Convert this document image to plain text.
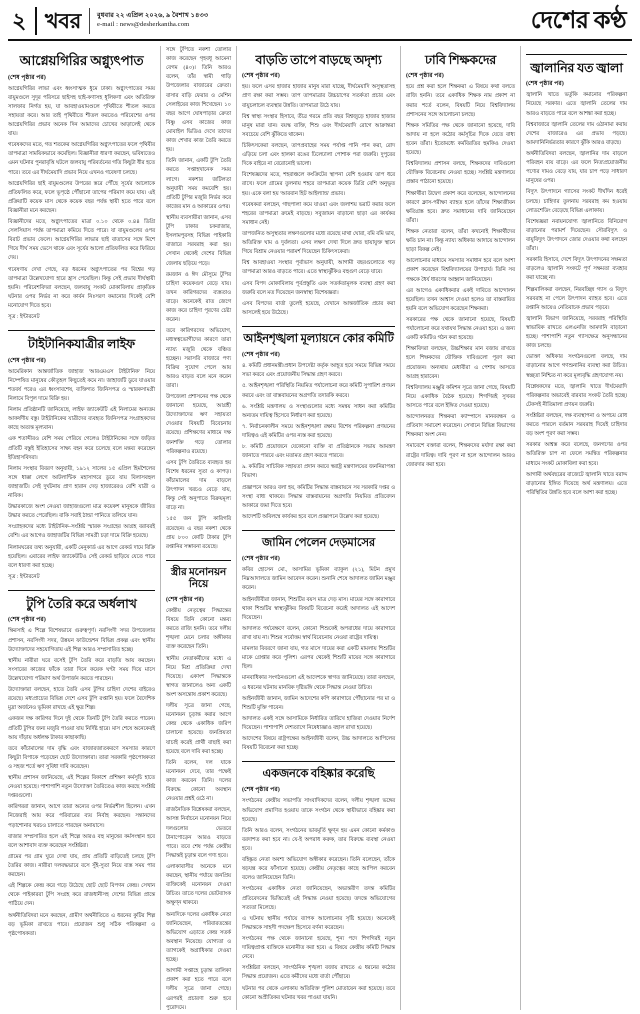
২ খবর	বুধবার ২২ এপ্রিল ২০২৬, ৯ বৈশাখ ১৪৩৩
e-mail : news@desherkantha.com	দেশের কণ্ঠ
আগ্নেয়গিরির অগ্ন্যুৎপাত
(শেষ পৃষ্ঠার পর)

আগ্নেয়গিরির লাভা এবং ধ্বংসাত্মক ধুমে ঢাকা। অগ্ন্যুৎপাতের সময় বায়ুমণ্ডলে সুদূর পরিসরে ছাইসহ ছাই-কণাসহ ধূলিকণা এবং অতিরিক্ত সালফার নির্গত হয়, যা আবহাওয়ামণ্ডলে পৃথিবীতে শীতল করতে সহায়তা করে। আর তাই পৃথিবীতে শীতল করতেও পরিবেশের ওপর আগ্নেয়গিরির প্রভাব অনেক দিন আমাদের চোখের আড়ালেই থেকে যায়।

গবেষকদের মতে, গত শতকের আগ্নেয়গিরির অগ্ন্যুৎপাতের ফলে পৃথিবীর তাপমাত্রা সাময়িকভাবে কমেছিল। বিজ্ঞানীরা ধারণা করছেন, ভবিষ্যতেও এমন ঘটনার পুনরাবৃত্তি ঘটলে জলবায়ু পরিবর্তনের গতি কিছুটা ধীর হতে পারে। তবে এর দীর্ঘমেয়াদি প্রভাব নিয়ে এখনও গবেষণা চলছে।

আগ্নেয়গিরির ছাই বায়ুমণ্ডলের উপরের স্তরে পৌঁছে সূর্যের আলোকে প্রতিফলিত করে, ফলে ভূপৃষ্ঠে পৌঁছানো তাপের পরিমাণ কমে যায়। এই প্রক্রিয়াটি কয়েক মাস থেকে কয়েক বছর পর্যন্ত স্থায়ী হতে পারে বলে বিজ্ঞানীরা মনে করছেন।

বিজ্ঞানীদের মতে, অগ্ন্যুৎপাতের মাত্রা ০.১০ থেকে ০.৪৪ ডিগ্রি সেলসিয়াস পর্যন্ত তাপমাত্রা কমিয়ে দিতে পারে। যা বায়ুমণ্ডলের ওপর বিরাট প্রভাব ফেলে। আগ্নেয়গিরির লাভার ছাই বাতাসের সঙ্গে মিশে গিয়ে দীর্ঘ সময় ভেসে থাকে এবং সূর্যের আলো প্রতিফলিত করে ফিরিয়ে দেয়।

গবেষণায় দেখা গেছে, বড় ধরনের অগ্ন্যুৎপাতের পর বিশ্বের গড় তাপমাত্রা উল্লেখযোগ্য হারে হ্রাস পেয়েছিল। কিন্তু সেই প্রভাব দীর্ঘস্থায়ী হয়নি। পরিবেশবিদরা বলছেন, জলবায়ু সংকট মোকাবিলায় প্রাকৃতিক ঘটনার ওপর নির্ভর না করে কার্বন নিঃসরণ কমানোর দিকেই বেশি মনোযোগ দিতে হবে।

সূত্র : ইন্টারনেট

টাইটানিকযাত্রীর লাইফ
(শেষ পৃষ্ঠার পর)

আমেরিকান আন্তর্জাতিক জাহাজ 'আরএমএস টাইটানিক' নিয়ে নিষ্পেষিত মানুষের কৌতূহল কিছুতেই কমে না। জাহাজটি ডুবে যাওয়ার শতবর্ষ পরেও এর ধ্বংসাবশেষ, ব্যক্তিগত জিনিসপত্র ও স্মারকসামগ্রী নিলামে বিপুল দামে বিক্রি হয়।

নিলাম প্রতিষ্ঠানটি জানিয়েছে, লাইফ জ্যাকেটটি এই নিলামের অন্যতম আকর্ষণীয় বস্তু। টাইটানিকের যাত্রীদের ব্যবহৃত জিনিসপত্র সংগ্রাহকদের কাছে অত্যন্ত মূল্যবান।

এক শতাব্দীরও বেশি সময় পেরিয়ে গেলেও টাইটানিকের সঙ্গে জড়িত প্রতিটি বস্তুই ইতিহাসের সাক্ষ্য বহন করে চলেছে বলে মন্তব্য করেছেন ইতিহাসবিদরা।

নিলাম সংস্থার বিবরণ অনুযায়ী, ১৯১২ সালের ১৫ এপ্রিল হিমশৈলের সঙ্গে ধাক্কা লেগে আটলান্টিক মহাসাগরে ডুবে যায় বিলাসবহুল জাহাজটি। সেই দুর্ঘটনায় প্রাণ হারান দেড় হাজারেরও বেশি যাত্রী ও নাবিক।

উদ্ধারকাজে অংশ নেওয়া জাহাজগুলো মাত্র কয়েকশ মানুষকে জীবিত উদ্ধার করতে পেরেছিল। বাকি সবাই ঠান্ডা পানিতে তলিয়ে যান।

সংগ্রাহকদের মধ্যে টাইটানিক–সংশ্লিষ্ট স্মারক সংগ্রহের আগ্রহ বরাবরই বেশি। এর আগেও জাহাজটির বিভিন্ন সামগ্রী চড়া দামে বিক্রি হয়েছে।

নিলামঘরের তথ্য অনুযায়ী, একটি মেনুকার্ড এর আগে রেকর্ড দামে বিক্রি হয়েছিল। এবারের লাইফ জ্যাকেটটিও সেই রেকর্ড ছাড়িয়ে যেতে পারে বলে ধারণা করা হচ্ছে।

সূত্র : ইন্টারনেট

টুপি তৈরি করে অর্ধলাখ
(শেষ পৃষ্ঠার পর)

ক্ষিরসাই এ শিল্পে বিশেষভাবে গুরুত্বপূর্ণ। নরসিংদী সদর উপজেলার প্রশাসন, নরসিংদী সদর, উন্নয়ন ফাউন্ডেশন বিভিন্ন প্রকল্প এবং স্থানীয় উদ্যোক্তাদের সহযোগিতায় এই শিল্প আরও সম্প্রসারিত হচ্ছে।

স্থানীয় নারীরা ঘরে বসেই টুপি তৈরি করে বাড়তি আয় করছেন। সংসারের কাজের ফাঁকে তারা দিনে কয়েক ঘণ্টা সময় দিয়ে মাসে উল্লেখযোগ্য পরিমাণ অর্থ উপার্জন করতে পারছেন।

উদ্যোক্তারা বলছেন, হাতে তৈরি এসব টুপির চাহিদা দেশের বাইরেও রয়েছে। মধ্যপ্রাচ্যের বিভিন্ন দেশে এসব টুপি রপ্তানি হয়। ফলে বৈদেশিক মুদ্রা অর্জনেও ভূমিকা রাখছে এই ক্ষুদ্র শিল্প।

একজন দক্ষ কারিগর দিনে দুই থেকে তিনটি টুপি তৈরি করতে পারেন। প্রতিটি টুপির জন্য মজুরি পাওয়া যায় নির্দিষ্ট হারে। মাস শেষে অনেকেরই আয় দাঁড়ায় অর্ধলক্ষ টাকার কাছাকাছি।

তবে কাঁচামালের দাম বৃদ্ধি এবং বাজারজাতকরণে সমস্যার কারণে কিছুটা বিপাকে পড়েছেন ছোট উদ্যোক্তারা। তারা সরকারি পৃষ্ঠপোষকতা ও সহজ শর্তে ঋণ সুবিধা দাবি করেছেন।

স্থানীয় প্রশাসন জানিয়েছে, এই শিল্পের বিকাশে প্রশিক্ষণ কর্মসূচি হাতে নেওয়া হয়েছে। পাশাপাশি নতুন উদ্যোক্তা তৈরিতেও কাজ করছে সংশ্লিষ্ট দপ্তরগুলো।

কারিগররা জানান, আগে তারা অন্যের ওপর নির্ভরশীল ছিলেন। এখন নিজেরাই আয় করে পরিবারের ব্যয় নির্বাহ করছেন। সন্তানদের পড়াশোনার খরচও চালাতে পারছেন অনায়াসে।

বাজার সম্প্রসারিত হলে এই শিল্পে আরও বহু মানুষের কর্মসংস্থান হবে বলে আশাবাদ ব্যক্ত করেছেন সংশ্লিষ্টরা।

গ্রামের পর গ্রাম ঘুরে দেখা যায়, প্রায় প্রতিটি বাড়িতেই চলছে টুপি তৈরির কাজ। নারীরা দলবদ্ধভাবে বসে সুঁই-সুতা নিয়ে ব্যস্ত সময় পার করছেন।

এই শিল্পকে কেন্দ্র করে গড়ে উঠেছে ছোট ছোট বিপণন কেন্দ্র। সেখান থেকে পাইকাররা টুপি সংগ্রহ করে রাজধানীসহ দেশের বিভিন্ন প্রান্তে পাঠিয়ে দেন।

অর্থনীতিবিদরা মনে করছেন, গ্রামীণ অর্থনীতিতে এ ধরনের কুটির শিল্প বড় ভূমিকা রাখতে পারে। প্রয়োজন শুধু সঠিক পরিকল্পনা ও পৃষ্ঠপোষকতা।

সঙ্গে টুপিতে নকশা তোলার কাজ করেছেন গৃহবধূ আমেনা বেগম (৪০)। তিনি আরও বলেন, তাঁর স্বামী গাড়ি উপজেলার বাজারের ক্রেতা। বাসার বাড়ি ফেরার ও মেশিন সেলাইয়ের কাজ শিখেছেন। ১০ বছর আগে ঘোষপাড়ার ক্রেতা বিষ্ণু এসব কাজের কাজ মোবাইল ভিডিও দেখে তাদের কাজ শেখার কাজ তৈরি করতে হয়।

তিনি জানান, একটি টুপি তৈরি করতে সপ্তাহখানেক সময় লাগে। নকশার জটিলতা অনুযায়ী সময় কমবেশি হয়। প্রতিটি টুপির মজুরি নির্ভর করে কাজের মান ও আকারের ওপর।

স্থানীয় ব্যবসায়ীরা জানান, এসব টুপি ঢাকার চকবাজার, ইসলামপুরসহ বিভিন্ন পাইকারি বাজারে সরবরাহ করা হয়। সেখান থেকেই দেশের বিভিন্ন জেলায় ছড়িয়ে পড়ে।

রমজান ও ঈদ মৌসুমে টুপির চাহিদা কয়েকগুণ বেড়ে যায়। তখন কারিগরদের ব্যস্ততাও বাড়ে। অনেকেই রাত জেগে কাজ করে চাহিদা পূরণের চেষ্টা করেন।

তবে কারিগরদের অভিযোগ, মধ্যস্বত্বভোগীদের কারণে তারা ন্যায্য মজুরি থেকে বঞ্চিত হচ্ছেন। সরাসরি বাজারে পণ্য বিক্রির সুযোগ পেলে আয় আরও বাড়ত বলে মনে করেন তারা।

উপজেলা প্রশাসনের পক্ষ থেকে জানানো হয়েছে, আগ্রহী উদ্যোক্তাদের ঋণ সহায়তা দেওয়ার বিষয়টি বিবেচনায় রয়েছে। প্রশিক্ষণের মাধ্যমে দক্ষ জনশক্তি গড়ে তোলার পরিকল্পনাও রয়েছে।

এসব টুপি তৈরিতে ব্যবহৃত হয় বিশেষ ধরনের সুতা ও কাপড়। কাঁচামালের দাম বাড়লে উৎপাদন খরচও বেড়ে যায়, কিন্তু সেই অনুপাতে বিক্রয়মূল্য বাড়ে না।

১৫৫ জন টুপি কারিগরি রয়েছেন। এ বছর নকশা থেকে প্রায় ৮০০ কোটি টাকার টুপি রপ্তানির সম্ভাবনা রয়েছে।

স্ত্রীর মনোনয়ন নিয়ে
(শেষ পৃষ্ঠার পর)

কেন্দ্রীয় নেতৃত্বের সিদ্ধান্তের বিষয়ে তিনি কোনো মন্তব্য করতে রাজি হননি। তবে দলীয় শৃঙ্খলা মেনে চলার অঙ্গীকার ব্যক্ত করেছেন তিনি।

স্থানীয় নেতাকর্মীদের মধ্যে এ নিয়ে মিশ্র প্রতিক্রিয়া দেখা দিয়েছে। একাংশ সিদ্ধান্তকে স্বাগত জানালেও অন্য একটি অংশ অসন্তোষ প্রকাশ করেছে।

দলীয় সূত্রে জানা গেছে, মনোনয়ন চূড়ান্ত করার আগে কেন্দ্র থেকে একাধিক জরিপ চালানো হয়েছে। জনপ্রিয়তা যাচাই করেই প্রার্থী বাছাই করা হয়েছে বলে দাবি করা হচ্ছে।

তিনি বলেন, দল যাকে মনোনয়ন দেবে, তার পক্ষেই কাজ করবেন তিনি। দলের বিরুদ্ধে কোনো অবস্থান নেওয়ার প্রশ্নই ওঠে না।

রাজনৈতিক বিশ্লেষকরা বলছেন, আসন্ন নির্বাচনে মনোনয়ন নিয়ে দলগুলোর ভেতরে টানাপোড়েন আরও বাড়তে পারে। তবে শেষ পর্যন্ত কেন্দ্রীয় সিদ্ধান্তই চূড়ান্ত বলে গণ্য হবে।

এলাকাবাসীর অনেকে মনে করছেন, স্থানীয় পর্যায়ে জনপ্রিয় ব্যক্তিকেই মনোনয়ন দেওয়া উচিত। তাতে দলের ভোটব্যাংক অক্ষুণ্ন থাকবে।

অন্যদিকে দলের একাধিক নেতা জানিয়েছেন, পরিবারতন্ত্রের অভিযোগ এড়াতে কেন্দ্র সতর্ক অবস্থান নিয়েছে। যোগ্যতা ও ত্যাগকেই অগ্রাধিকার দেওয়া হচ্ছে।

আগামী সপ্তাহে চূড়ান্ত তালিকা প্রকাশ করা হতে পারে বলে দলীয় সূত্রে জানা গেছে। এরপরই প্রচারণা শুরু হবে পুরোদমে।

বাড়তি তাপে বাড়ছে অদৃশ্য
(শেষ পৃষ্ঠার পর)

হয়। ফলে এসব হাজার হাজার মানুষ মারা যাচ্ছে, দীর্ঘমেয়াদি অসুস্থতাসহ প্রাণ রক্ষা করা সম্ভব। তাপ তাপমাত্রার উচ্চচাপের সতর্কতা প্রচার এবং বায়ুচলাচল ব্যবস্থার উন্নতি। তাপমাত্রা উঠে যায়।

বিশ্ব স্বাস্থ্য সংস্থার হিসাবে, তীব্র গরমে প্রতি বছর বিশ্বজুড়ে হাজার হাজার মানুষ মারা যান। বয়স্ক ব্যক্তি, শিশু এবং দীর্ঘমেয়াদি রোগে আক্রান্তরা সবচেয়ে বেশি ঝুঁকিতে থাকেন।

চিকিৎসকেরা বলছেন, তাপপ্রবাহের সময় পর্যাপ্ত পানি পান করা, রোদ এড়িয়ে চলা এবং হালকা রঙের ঢিলেঢালা পোশাক পরা জরুরি। দুপুরের দিকে বাইরে না বেরোনোই ভালো।

বিশেষজ্ঞদের মতে, শহরাঞ্চলে কংক্রিটের স্থাপনা বেশি হওয়ায় তাপ ধরে রাখে। ফলে গ্রামের তুলনায় শহরে তাপমাত্রা কয়েক ডিগ্রি বেশি অনুভূত হয়। একে বলা হয় 'আরবান হিট আইল্যান্ড' প্রভাব।

গবেষকরা বলছেন, গাছপালা কমে যাওয়া এবং জলাশয় ভরাট করার ফলে শহরের তাপমাত্রা ক্রমেই বাড়ছে। সবুজায়ন বাড়ানো ছাড়া এর কার্যকর সমাধান নেই।

তাপজনিত অসুস্থতার লক্ষণগুলোর মধ্যে রয়েছে মাথা ঘোরা, বমি বমি ভাব, অতিরিক্ত ঘাম ও দুর্বলতা। এসব লক্ষণ দেখা দিলে দ্রুত ছায়াযুক্ত স্থানে গিয়ে বিশ্রাম নেওয়ার পরামর্শ দিয়েছেন চিকিৎসকেরা।

বিশ্ব আবহাওয়া সংস্থার পূর্বাভাস অনুযায়ী, আগামী বছরগুলোতে গড় তাপমাত্রা আরও বাড়তে পারে। এতে স্বাস্থ্যঝুঁকিও বহুগুণ বেড়ে যাবে।

এসব বিপদ মোকাবিলায় পূর্বপ্রস্তুতি এবং সতর্কতামূলক ব্যবস্থা গ্রহণ করা জরুরি বলে মত দিয়েছেন জনস্বাস্থ্য বিশেষজ্ঞরা।

এসব বিপদের বার্তা তুলেই হয়েছে, যেখানে আন্তর্জাতিক প্রচার করা আসলেই হয়ে উঠেছে।

আইনশৃঙ্খলা মূল্যায়নে কোর কমিটি
(শেষ পৃষ্ঠার পর)

৪. কমিটি প্রধানমন্ত্রী/প্রধান উপদেষ্টা কর্তৃক আহূত হয়ে সময়ে বিভিন্ন সময়ে সভা করবে এবং প্রয়োজনীয় সিদ্ধান্ত গ্রহণ করবে।

৫. আইনশৃঙ্খলা পরিস্থিতি নিয়মিত পর্যালোচনা করে কমিটি সুপারিশ প্রণয়ন করবে এবং তা বাস্তবায়নের অগ্রগতি তদারকি করবে।

৬. সংশ্লিষ্ট মন্ত্রণালয় ও সংস্থাগুলোর মধ্যে সমন্বয় সাধন করা কমিটির অন্যতম দায়িত্ব হিসেবে নির্ধারণ করা হয়েছে।

৭. নির্বাচনকালীন সময়ে আইনশৃঙ্খলা রক্ষায় বিশেষ পরিকল্পনা প্রণয়নের দায়িত্বও এই কমিটির ওপর ন্যস্ত করা হয়েছে।

৮. কমিটি প্রয়োজনে যেকোনো ব্যক্তি বা প্রতিষ্ঠানকে সভায় আমন্ত্রণ জানাতে পারবে এবং মতামত গ্রহণ করতে পারবে।

৯. কমিটির সাচিবিক সহায়তা প্রদান করবে স্বরাষ্ট্র মন্ত্রণালয়ের জননিরাপত্তা বিভাগ।

প্রজ্ঞাপনে আরও বলা হয়, কমিটির সিদ্ধান্ত বাস্তবায়নে সব সরকারি দপ্তর ও সংস্থা বাধ্য থাকবে। সিদ্ধান্ত বাস্তবায়নের অগ্রগতি নিয়মিত প্রতিবেদন আকারে জমা দিতে হবে।

আদেশটি অবিলম্বে কার্যকর হবে বলে প্রজ্ঞাপনে উল্লেখ করা হয়েছে।

জামিন পেলেন দেড়মাসের
(শেষ পৃষ্ঠার পর)

কবির হোসেন মো., আসামির ভূমিকা ব্যাকুল (২১), মিটন প্রমুখ নিম্নআদালতে জামিন আবেদন করেন। শুনানি শেষে আদালত জামিন মঞ্জুর করেন।

আইনজীবীরা জানান, শিশুটির বয়স মাত্র দেড় মাস। মায়ের সঙ্গে কারাগারে থাকা শিশুটির স্বাস্থ্যঝুঁকির বিষয়টি বিবেচনা করেই আদালত এই আদেশ দিয়েছেন।

আদালত পর্যবেক্ষণে বলেন, কোনো শিশুকেই অপরাধের দায়ে কারাগারে রাখা যায় না। শিশুর সর্বোত্তম স্বার্থ বিবেচনায় নেওয়া রাষ্ট্রের দায়িত্ব।

মামলার বিবরণে জানা যায়, গত মাসে দায়ের করা একটি মামলায় শিশুটির মাকে গ্রেপ্তার করে পুলিশ। এরপর থেকেই শিশুটি মায়ের সঙ্গে কারাগারে ছিল।

মানবাধিকার সংগঠনগুলো এই আদেশকে স্বাগত জানিয়েছে। তারা বলছেন, এ ধরনের ঘটনায় মানবিক দৃষ্টিভঙ্গি থেকে সিদ্ধান্ত নেওয়া উচিত।

আইনজীবী জানান, জামিন আদেশের কপি কারাগারে পৌঁছানোর পর মা ও শিশুটি মুক্তি পাবেন।

আদালত একই সঙ্গে আসামিকে নির্ধারিত তারিখে হাজিরা দেওয়ার নির্দেশ দিয়েছেন। পাশাপাশি দেশত্যাগে নিষেধাজ্ঞাও বহাল রাখা হয়েছে।

আদেশের বিষয়ে রাষ্ট্রপক্ষের আইনজীবী বলেন, উচ্চ আদালতে আপিলের বিষয়টি বিবেচনা করা হচ্ছে।

একজনকে বহিষ্কার করেছি
(শেষ পৃষ্ঠার পর)

সংগঠনের কেন্দ্রীয় সভাপতি সাংবাদিকদের বলেন, দলীয় শৃঙ্খলা ভঙ্গের অভিযোগ প্রমাণিত হওয়ায় তাকে সংগঠন থেকে স্থায়ীভাবে বহিষ্কার করা হয়েছে।

তিনি আরও বলেন, সংগঠনের ভাবমূর্তি ক্ষুণ্ন হয় এমন কোনো কর্মকাণ্ড বরদাশত করা হবে না। যে-ই অপরাধ করুক, তার বিরুদ্ধে ব্যবস্থা নেওয়া হবে।

বহিষ্কৃত নেতা অবশ্য অভিযোগ অস্বীকার করেছেন। তিনি বলেছেন, তাঁকে ষড়যন্ত্র করে ফাঁসানো হয়েছে। কেন্দ্রীয় নেতৃত্বের কাছে আপিল করবেন বলেও জানিয়েছেন তিনি।

সংগঠনের একাধিক নেতা জানিয়েছেন, অভ্যন্তরীণ তদন্ত কমিটির প্রতিবেদনের ভিত্তিতেই এই সিদ্ধান্ত নেওয়া হয়েছে। তদন্তে অভিযোগের সত্যতা মিলেছে।

এ ঘটনায় স্থানীয় পর্যায়ে ব্যাপক আলোচনার সৃষ্টি হয়েছে। অনেকেই সিদ্ধান্তকে সাহসী পদক্ষেপ হিসেবে বর্ণনা করেছেন।

সংগঠনের পক্ষ থেকে জানানো হয়েছে, শূন্য পদে শিগগিরই নতুন দায়িত্বপ্রাপ্ত ব্যক্তিকে মনোনীত করা হবে। এ বিষয়ে কেন্দ্রীয় কমিটি সিদ্ধান্ত নেবে।

সংশ্লিষ্টরা বলছেন, সাংগঠনিক শৃঙ্খলা বজায় রাখতে এ ধরনের কঠোর সিদ্ধান্ত প্রয়োজন। এতে কর্মীদের মধ্যে বার্তা পৌঁছাবে।

ঘটনার পর থেকে এলাকায় অতিরিক্ত পুলিশ মোতায়েন করা হয়েছে। তবে কোনো অপ্রীতিকর ঘটনার খবর পাওয়া যায়নি।

ঢাবি শিক্ষকদের
(শেষ পৃষ্ঠার পর)

হয়ে প্রশ্ন করা হলে শিক্ষকরা এ বিষয়ে কথা বলতে রাজি হননি। তবে একাধিক শিক্ষক নাম প্রকাশ না করার শর্তে বলেন, বিষয়টি নিয়ে বিশ্ববিদ্যালয় প্রশাসনের সঙ্গে আলোচনা চলছে।

শিক্ষক সমিতির পক্ষ থেকে জানানো হয়েছে, দাবি আদায় না হলে কঠোর কর্মসূচির দিকে যেতে বাধ্য হবেন তাঁরা। ইতোমধ্যে কর্মবিরতির হুমকিও দেওয়া হয়েছে।

বিশ্ববিদ্যালয় প্রশাসন বলছে, শিক্ষকদের দাবিগুলো যৌক্তিক বিবেচনায় নেওয়া হচ্ছে। সংশ্লিষ্ট মন্ত্রণালয়ে প্রস্তাব পাঠানো হয়েছে।

শিক্ষার্থীরা উদ্বেগ প্রকাশ করে বলেছেন, আন্দোলনের কারণে ক্লাস-পরীক্ষা ব্যাহত হলে তাঁদের শিক্ষাজীবন ক্ষতিগ্রস্ত হবে। দ্রুত সমাধানের দাবি জানিয়েছেন তাঁরা।

শিক্ষক নেতারা বলেন, তাঁরা কখনোই শিক্ষার্থীদের ক্ষতি চান না। কিন্তু ন্যায্য অধিকার আদায়ে আন্দোলন ছাড়া বিকল্প নেই।

আলোচনার মাধ্যমে সমস্যার সমাধান হবে বলে আশা প্রকাশ করেছেন বিশ্ববিদ্যালয়ের উপাচার্য। তিনি সব পক্ষকে ধৈর্য ধারণের আহ্বান জানিয়েছেন।

এর আগেও একাধিকবার একই দাবিতে আন্দোলন হয়েছিল। তখন আশ্বাস দেওয়া হলেও তা বাস্তবায়িত হয়নি বলে অভিযোগ করেছেন শিক্ষকরা।

সরকারের পক্ষ থেকে জানানো হয়েছে, বিষয়টি পর্যালোচনা করে যথাযথ সিদ্ধান্ত নেওয়া হবে। এ জন্য একটি কমিটিও গঠন করা হয়েছে।

শিক্ষাবিদরা বলছেন, উচ্চশিক্ষার মান বজায় রাখতে হলে শিক্ষকদের যৌক্তিক দাবিগুলো পূরণ করা প্রয়োজন। অন্যথায় মেধাবীরা এ পেশায় আসতে আগ্রহ হারাবেন।

বিশ্ববিদ্যালয় মঞ্জুরি কমিশন সূত্রে জানা গেছে, বিষয়টি নিয়ে একাধিক বৈঠক হয়েছে। শিগগিরই সুখবর আসতে পারে বলে ইঙ্গিত দেওয়া হয়েছে।

আন্দোলনরত শিক্ষকরা ক্যাম্পাসে মানববন্ধন ও প্রতিবাদ সমাবেশ করেছেন। সেখানে বিভিন্ন বিভাগের শিক্ষকরা অংশ নেন।

সমাবেশে বক্তারা বলেন, শিক্ষকদের মর্যাদা রক্ষা করা রাষ্ট্রের দায়িত্ব। দাবি পূরণ না হলে আন্দোলন আরও জোরদার করা হবে।

জ্বালানির যত জ্বালা
(শেষ পৃষ্ঠার পর)

জ্বালানি খাতে ভর্তুকি কমানোর পরিকল্পনা নিয়েছে সরকার। এতে জ্বালানি তেলের দাম আরও বাড়তে পারে বলে আশঙ্কা করা হচ্ছে।

বিশ্ববাজারে জ্বালানি তেলের দাম ওঠানামা করায় দেশের বাজারেও এর প্রভাব পড়ছে। আমদানিনির্ভরতার কারণে ঝুঁকি আরও বাড়ছে।

অর্থনীতিবিদরা বলছেন, জ্বালানির দাম বাড়লে পরিবহন ব্যয় বাড়ে। এর ফলে নিত্যপ্রয়োজনীয় পণ্যের দামও বেড়ে যায়, যার চাপ পড়ে সাধারণ মানুষের ওপর।

বিদ্যুৎ উৎপাদনে গ্যাসের সংকট দীর্ঘদিন ধরেই চলছে। চাহিদার তুলনায় সরবরাহ কম হওয়ায় লোডশেডিং বেড়েছে বিভিন্ন এলাকায়।

বিশেষজ্ঞরা নবায়নযোগ্য জ্বালানিতে বিনিয়োগ বাড়ানোর পরামর্শ দিয়েছেন। সৌরবিদ্যুৎ ও বায়ুবিদ্যুৎ উৎপাদনে জোর দেওয়ার কথা বলছেন তাঁরা।

সরকারি হিসাবে, দেশে বিদ্যুৎ উৎপাদনের সক্ষমতা বাড়লেও জ্বালানি সংকটে পূর্ণ সক্ষমতা ব্যবহার করা যাচ্ছে না।

শিল্পমালিকরা বলছেন, নিরবচ্ছিন্ন গ্যাস ও বিদ্যুৎ সরবরাহ না পেলে উৎপাদন ব্যাহত হবে। এতে রপ্তানি আয়েও নেতিবাচক প্রভাব পড়বে।

জ্বালানি বিভাগ জানিয়েছে, সরবরাহ পরিস্থিতি স্বাভাবিক রাখতে এলএনজি আমদানি বাড়ানো হচ্ছে। পাশাপাশি নতুন গ্যাসক্ষেত্র অনুসন্ধানের কাজ চলছে।

ভোক্তা অধিকার সংগঠনগুলো বলছে, দাম বাড়ানোর আগে গণশুনানির ব্যবস্থা করা উচিত। স্বচ্ছতা নিশ্চিত না করে মূল্যবৃদ্ধি গ্রহণযোগ্য নয়।

বিশ্লেষকদের মতে, জ্বালানি খাতে দীর্ঘমেয়াদি পরিকল্পনার অভাবেই বারবার সংকট তৈরি হচ্ছে। টেকসই নীতিমালা প্রণয়ন জরুরি।

সংশ্লিষ্টরা বলছেন, দক্ষ ব্যবস্থাপনা ও অপচয় রোধ করতে পারলে বর্তমান সরবরাহ দিয়েই চাহিদার বড় অংশ পূরণ করা সম্ভব।

সরকার আশ্বস্ত করে বলেছে, জনগণের ওপর অতিরিক্ত চাপ না ফেলে সমন্বিত পরিকল্পনার মাধ্যমে সংকট মোকাবিলা করা হবে।

আগামী অর্থবছরের বাজেটে জ্বালানি খাতে বরাদ্দ বাড়ানোর ইঙ্গিত দিয়েছে অর্থ মন্ত্রণালয়। এতে পরিস্থিতির উন্নতি হবে বলে আশা করা হচ্ছে।
